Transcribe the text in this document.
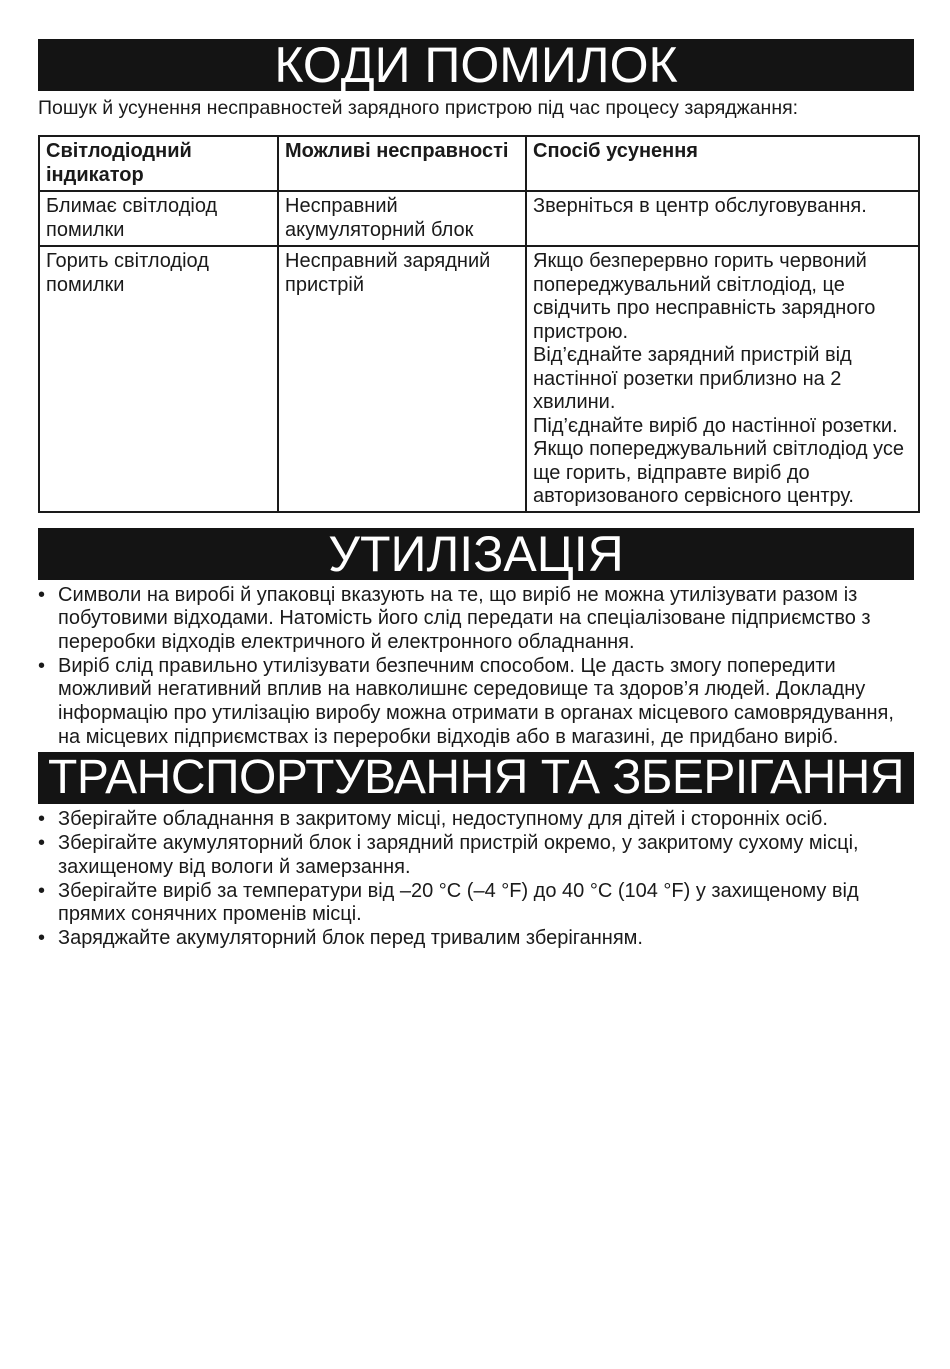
КОДИ ПОМИЛОК

Пошук й усунення несправностей зарядного пристрою під час процесу заряджання:

Світлодіодний індикатор	Можливі несправності	Спосіб усунення
Блимає світлодіод помилки	Несправний акумуляторний блок	Зверніться в центр обслуговування.
Горить світлодіод помилки	Несправний зарядний пристрій	Якщо безперервно горить червоний попереджувальний світлодіод, це свідчить про несправність зарядного пристрою.
Від’єднайте зарядний пристрій від настінної розетки приблизно на 2 хвилини.
Під’єднайте виріб до настінної розетки. Якщо попереджувальний світлодіод усе ще горить, відправте виріб до авторизованого сервісного центру.
УТИЛІЗАЦІЯ
• Символи на виробі й упаковці вказують на те, що виріб не можна утилізувати разом із побутовими відходами. Натомість його слід передати на спеціалізоване підприємство з переробки відходів електричного й електронного обладнання.
• Виріб слід правильно утилізувати безпечним способом. Це дасть змогу попередити можливий негативний вплив на навколишнє середовище та здоров’я людей. Докладну інформацію про утилізацію виробу можна отримати в органах місцевого самоврядування, на місцевих підприємствах із переробки відходів або в магазині, де придбано виріб.
ТРАНСПОРТУВАННЯ ТА ЗБЕРІГАННЯ
• Зберігайте обладнання в закритому місці, недоступному для дітей і сторонніх осіб.
• Зберігайте акумуляторний блок і зарядний пристрій окремо, у закритому сухому місці, захищеному від вологи й замерзання.
• Зберігайте виріб за температури від –20 °C (–4 °F) до 40 °C (104 °F) у захищеному від прямих сонячних променів місці.
• Заряджайте акумуляторний блок перед тривалим зберіганням.
